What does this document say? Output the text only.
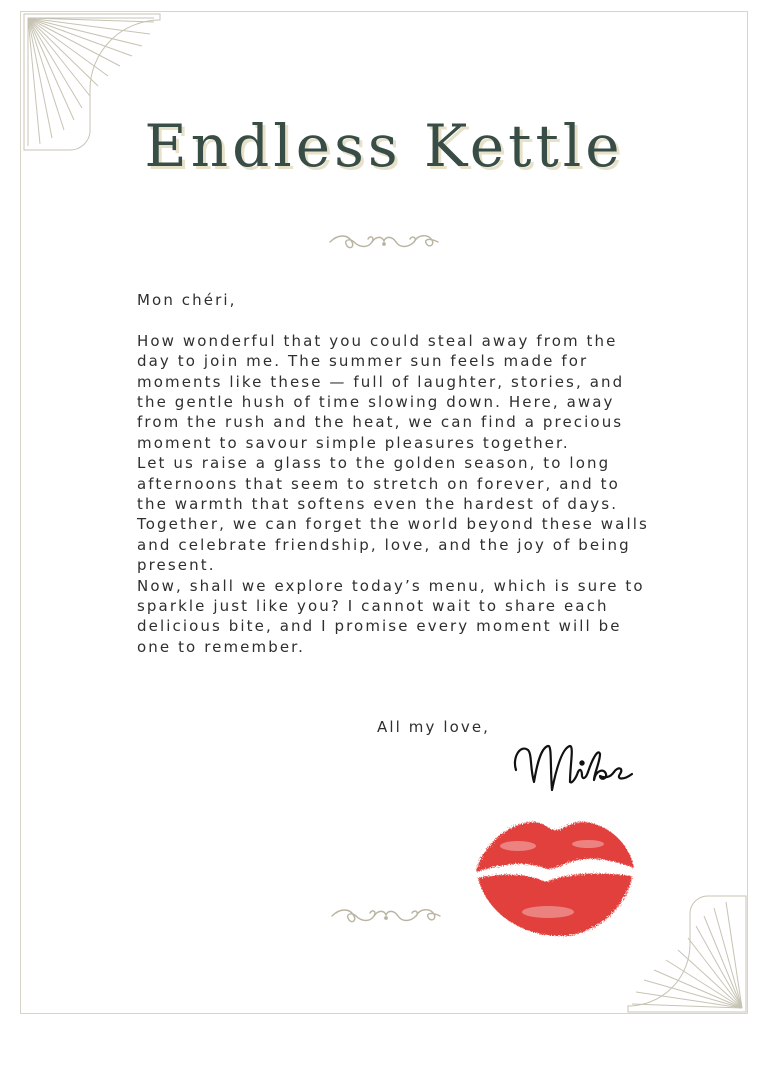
Endless Kettle

Mon chéri,

How wonderful that you could steal away from the day to join me. The summer sun feels made for moments like these — full of laughter, stories, and the gentle hush of time slowing down. Here, away from the rush and the heat, we can find a precious moment to savour simple pleasures together.

Let us raise a glass to the golden season, to long afternoons that seem to stretch on forever, and to the warmth that softens even the hardest of days. Together, we can forget the world beyond these walls and celebrate friendship, love, and the joy of being present.

Now, shall we explore today’s menu, which is sure to sparkle just like you? I cannot wait to share each delicious bite, and I promise every moment will be one to remember.

All my love,
